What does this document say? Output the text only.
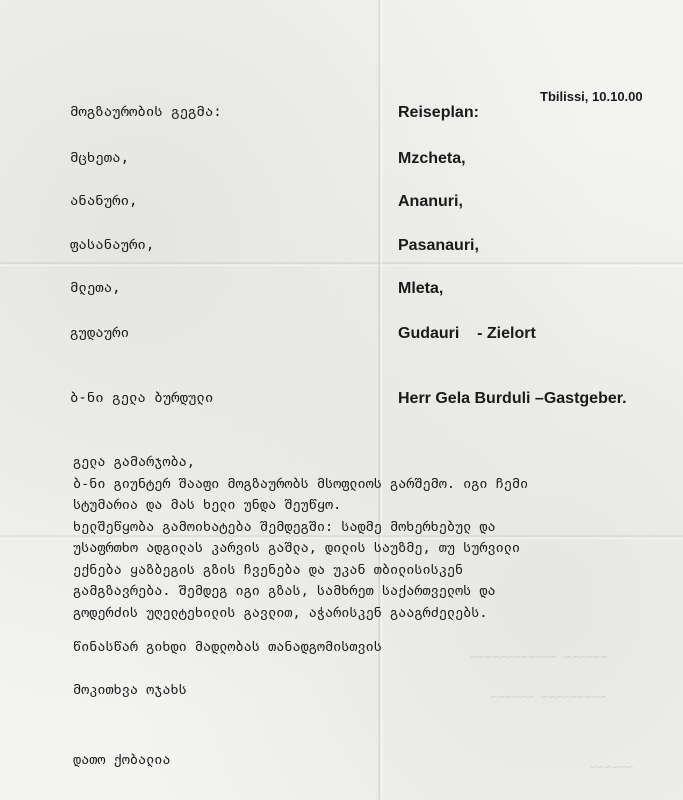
~~~~~~ ~~~~~~~~~~~~
~~~~~~~~~ ~~~~~~
~~~~~~
Tbilissi, 10.10.00
მოგზაურობის გეგმა:
მცხეთა,
ანანური,
ფასანაური,
მლეთა,
გუდაური
ბ-ნი გელა ბურდული
Reiseplan:
Mzcheta,
Ananuri,
Pasanauri,
Mleta,
Gudauri    - Zielort
Herr Gela Burduli –Gastgeber.
გელა გამარჯობა,
ბ-ნი გიუნტერ შააფი მოგზაურობს მსოფლიოს გარშემო. იგი ჩემი
სტუმარია და მას ხელი უნდა შეუწყო.
ხელშეწყობა გამოიხატება შემდეგში: სადმე მოხერხებულ და
უსაფრთხო ადგილას კარვის გაშლა, დილის საუზმე, თუ სურვილი
ექნება ყაზბეგის გზის ჩვენება და უკან თბილისისკენ
გამგზავრება. შემდეგ იგი გზას, სამხრეთ საქართველოს და
გოდერძის უღელტეხილის გავლით, აჭარისკენ გააგრძელებს.
წინასწარ გიხდი მადლობას თანადგომისთვის
მოკითხვა ოჯახს
დათო ქობალია
